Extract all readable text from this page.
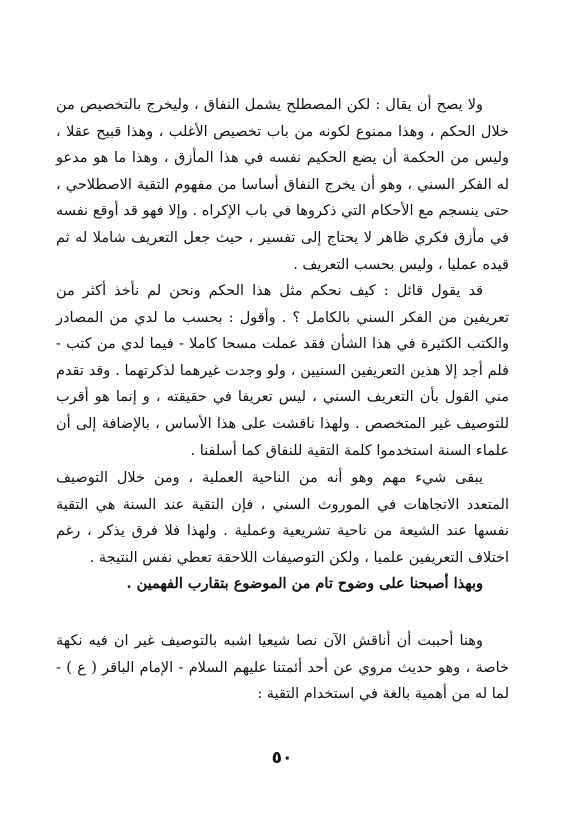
ولا يصح أن يقال : لكن المصطلح يشمل النفاق ، وليخرج بالتخصيص من خلال الحكم ، وهذا ممنوع لكونه من باب تخصيص الأغلب ، وهذا قبيح عقلا ، وليس من الحكمة أن يضع الحكيم نفسه في هذا المأزق ، وهذا ما هو مدعو له الفكر السني ، وهو أن يخرج النفاق أساسا من مفهوم التقية الاصطلاحي ، حتى ينسجم مع الأحكام التي ذكروها في باب الإكراه . وإلا فهو قد أوقع نفسه في مأزق فكري ظاهر لا يحتاج إلى تفسير ، حيث جعل التعريف شاملا له ثم قيده عمليا ، وليس بحسب التعريف .

قد يقول قائل : كيف نحكم مثل هذا الحكم ونحن لم نأخذ أكثر من تعريفين من الفكر السني بالكامل ؟ . وأقول : بحسب ما لدي من المصادر والكتب الكثيرة في هذا الشأن فقد عملت مسحا كاملا - فيما لدي من كتب - فلم أجد إلا هذين التعريفين السنيين ، ولو وجدت غيرهما لذكرتهما . وقد تقدم مني القول بأن التعريف السني ، ليس تعريفا في حقيقته ، و إنما هو أقرب للتوصيف غير المتخصص . ولهذا ناقشت على هذا الأساس ، بالإضافة إلى أن علماء السنة استخدموا كلمة التقية للنفاق كما أسلفنا .

يبقى شيء مهم وهو أنه من الناحية العملية ، ومن خلال التوصيف المتعدد الاتجاهات في الموروث السني ، فإن التقية عند السنة هي التقية نفسها عند الشيعة من ناحية تشريعية وعملية . ولهذا فلا فرق يذكر ، رغم اختلاف التعريفين علميا ، ولكن التوصيفات اللاحقة تعطي نفس النتيجة .

وبهذا أصبحنا على وضوح تام من الموضوع بتقارب الفهمين .

وهنا أحببت أن أناقش الآن نصا شيعيا اشبه بالتوصيف غير ان فيه نكهة خاصة ، وهو حديث مروي عن أحد أئمتنا عليهم السلام - الإمام الباقر ( ع ) - لما له من أهمية بالغة في استخدام التقية :

٥٠
